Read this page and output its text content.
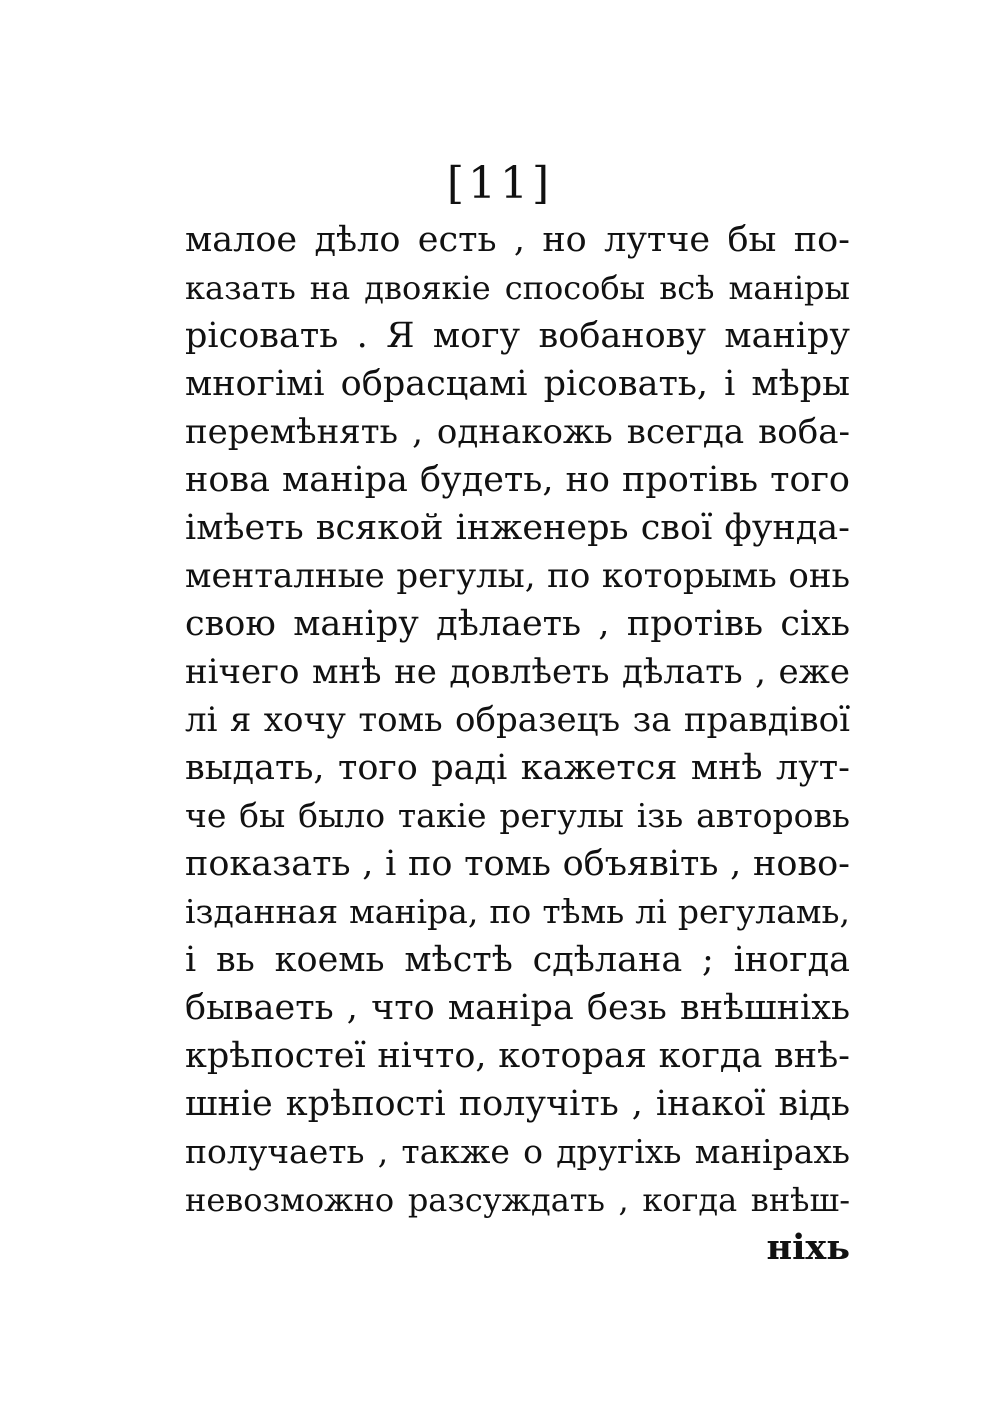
[11]
малое дѣло есть , но лутче бы по-
казать на двоякіе способы всѣ маніры
рісовать . Я могу вобанову маніру
многімі обрасцамі рісовать, і мѣры
перемѣнять , однакожь всегда воба-
нова маніра будеть, но протівь того
імѣеть всякой інженерь свої фунда-
менталные регулы, по которымь онь
свою маніру дѣлаеть , протівь сіхь
нічего мнѣ не довлѣеть дѣлать , еже
лі я хочу томь образецъ за правдівої
выдать, того раді кажется мнѣ лут-
че бы было такіе регулы ізь авторовь
показать , і по томь объявіть , ново-
ізданная маніра, по тѣмь лі регуламь,
і вь коемь мѣстѣ сдѣлана ; іногда
бываеть , что маніра безь внѣшніхь
крѣпостеї нічто, которая когда внѣ-
шніе крѣпості получіть , інакої відь
получаеть , также о другіхь маніраxь
невозможно разсуждать , когда внѣш-
ніхь
